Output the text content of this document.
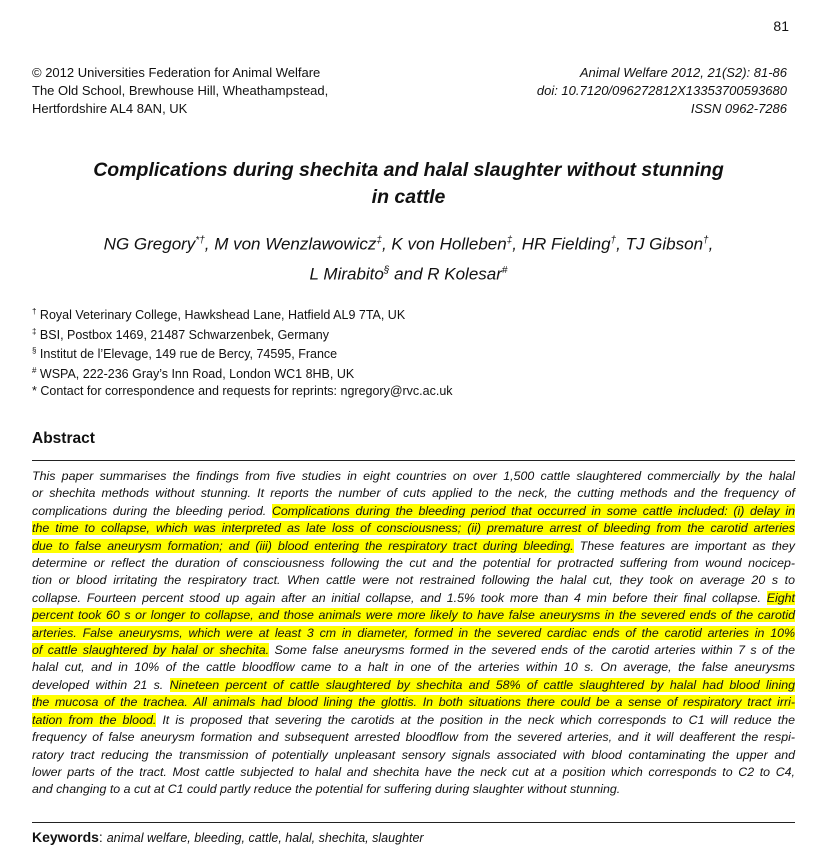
81
© 2012 Universities Federation for Animal Welfare
The Old School, Brewhouse Hill, Wheathampstead,
Hertfordshire AL4 8AN, UK
Animal Welfare 2012, 21(S2): 81-86
doi: 10.7120/096272812X13353700593680
ISSN 0962-7286
Complications during shechita and halal slaughter without stunning
in cattle
NG Gregory*†, M von Wenzlawowicz‡, K von Holleben‡, HR Fielding†, TJ Gibson†,
L Mirabito§ and R Kolesar#
† Royal Veterinary College, Hawkshead Lane, Hatfield AL9 7TA, UK
‡ BSI, Postbox 1469, 21487 Schwarzenbek, Germany
§ Institut de l’Elevage, 149 rue de Bercy, 74595, France
# WSPA, 222-236 Gray’s Inn Road, London WC1 8HB, UK
* Contact for correspondence and requests for reprints: ngregory@rvc.ac.uk
Abstract
This paper summarises the findings from five studies in eight countries on over 1,500 cattle slaughtered commercially by the halal
or shechita methods without stunning. It reports the number of cuts applied to the neck, the cutting methods and the frequency of
complications during the bleeding period. Complications during the bleeding period that occurred in some cattle included: (i) delay in
the time to collapse, which was interpreted as late loss of consciousness; (ii) premature arrest of bleeding from the carotid arteries
due to false aneurysm formation; and (iii) blood entering the respiratory tract during bleeding. These features are important as they
determine or reflect the duration of consciousness following the cut and the potential for protracted suffering from wound nocicep-
tion or blood irritating the respiratory tract. When cattle were not restrained following the halal cut, they took on average 20 s to
collapse. Fourteen percent stood up again after an initial collapse, and 1.5% took more than 4 min before their final collapse. Eight
percent took 60 s or longer to collapse, and those animals were more likely to have false aneurysms in the severed ends of the carotid
arteries. False aneurysms, which were at least 3 cm in diameter, formed in the severed cardiac ends of the carotid arteries in 10%
of cattle slaughtered by halal or shechita. Some false aneurysms formed in the severed ends of the carotid arteries within 7 s of the
halal cut, and in 10% of the cattle bloodflow came to a halt in one of the arteries within 10 s. On average, the false aneurysms
developed within 21 s. Nineteen percent of cattle slaughtered by shechita and 58% of cattle slaughtered by halal had blood lining
the mucosa of the trachea. All animals had blood lining the glottis. In both situations there could be a sense of respiratory tract irri-
tation from the blood. It is proposed that severing the carotids at the position in the neck which corresponds to C1 will reduce the
frequency of false aneurysm formation and subsequent arrested bloodflow from the severed arteries, and it will deafferent the respi-
ratory tract reducing the transmission of potentially unpleasant sensory signals associated with blood contaminating the upper and
lower parts of the tract. Most cattle subjected to halal and shechita have the neck cut at a position which corresponds to C2 to C4,
and changing to a cut at C1 could partly reduce the potential for suffering during slaughter without stunning.
Keywords: animal welfare, bleeding, cattle, halal, shechita, slaughter
